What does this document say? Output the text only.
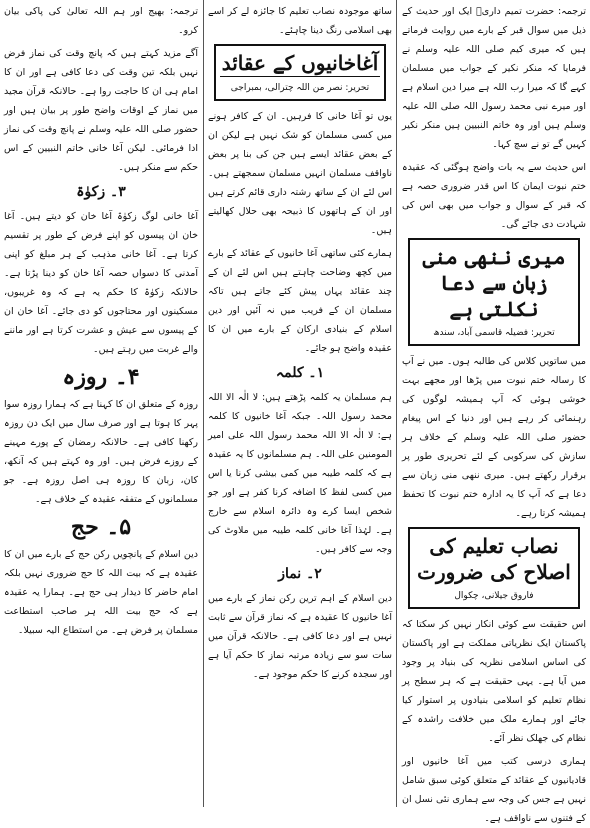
ترجمہ: حضرت تمیم داریؓ ایک اور حدیث کے ذیل میں سوال قبر کے بارے میں روایت فرماتے ہیں کہ میری کیم صلی اللہ علیہ وسلم نے فرمایا کہ منکر نکیر کے جواب میں مسلمان کہے گا کہ میرا رب اللہ ہے میرا دین اسلام ہے اور میرے نبی محمد رسول اللہ صلی اللہ علیہ وسلم ہیں اور وہ خاتم النبیین ہیں منکر نکیر کہیں گے تو نے سچ کہا۔

اس حدیث سے یہ بات واضح ہوگئی کہ عقیدہ ختم نبوت ایمان کا اس قدر ضروری حصہ ہے کہ قبر کے سوال و جواب میں بھی اس کی شہادت دی جائے گی۔

میری ننھی منی زبان سے دعا نکلتی ہے
تحریر: فضیلہ قاسمی آباد، سندھ

میں ساتویں کلاس کی طالبہ ہوں۔ میں نے آپ کا رسالہ ختم نبوت میں پڑھا اور مجھے بہت خوشی ہوئی کہ آپ ہمیشہ لوگوں کی رہنمائی کر رہے ہیں اور دنیا کے اس پیغام حضور صلی اللہ علیہ وسلم کے خلاف ہر سازش کی سرکوبی کے لئے تحریری طور پر برقرار رکھتے ہیں۔ میری ننھی منی زبان سے دعا ہے کہ آپ کا یہ ادارہ ختم نبوت کا تحفظ ہمیشہ کرتا رہے۔

نصاب تعلیم کی اصلاح کی ضرورت
فاروق جیلانی، چکوال

اس حقیقت سے کوئی انکار نہیں کر سکتا کہ پاکستان ایک نظریاتی مملکت ہے اور پاکستان کی اساس اسلامی نظریہ کی بنیاد پر وجود میں آیا ہے۔ یہی حقیقت ہے کہ ہر سطح پر نظام تعلیم کو اسلامی بنیادوں پر استوار کیا جائے اور ہمارے ملک میں خلافت راشدہ کے نظام کی جھلک نظر آئے۔

ہماری درسی کتب میں آغا خانیوں اور قادیانیوں کے عقائد کے متعلق کوئی سبق شامل نہیں ہے جس کی وجہ سے ہماری نئی نسل ان کے فتنوں سے ناواقف ہے۔

ساتھ موجودہ نصاب تعلیم کا جائزہ لے کر اسے بھی اسلامی رنگ دینا چاہئے۔

آغاخانیوں کے عقائد
تحریر: نصر من اللہ چترالی، بمبراجی

یوں تو آغا خانی کا فرہیں۔ ان کے کافر ہونے میں کسی مسلمان کو شک نہیں ہے لیکن ان کے بعض عقائد ایسے ہیں جن کی بنا پر بعض ناواقف مسلمان انہیں مسلمان سمجھتے ہیں۔ اس لئے ان کے ساتھ رشتہ داری قائم کرتے ہیں اور ان کے ہاتھوں کا ذبیحہ بھی حلال کھالیتے ہیں۔

ہمارے کئی ساتھی آغا خانیوں کے عقائد کے بارے میں کچھ وضاحت چاہتے ہیں اس لئے ان کے چند عقائد یہاں پیش کئے جاتے ہیں تاکہ مسلمان ان کے فریب میں نہ آئیں اور دین اسلام کے بنیادی ارکان کے بارے میں ان کا عقیدہ واضح ہو جائے۔

۱۔ کلمہ

ہم مسلمان یہ کلمہ پڑھتے ہیں: لا الٰہ الا اللہ محمد رسول اللہ۔ جبکہ آغا خانیوں کا کلمہ ہے: لا الٰہ الا اللہ محمد رسول اللہ علی امیر المومنین علی اللہ۔ ہم مسلمانوں کا یہ عقیدہ ہے کہ کلمہ طیبہ میں کمی بیشی کرنا یا اس میں کسی لفظ کا اضافہ کرنا کفر ہے اور جو شخص ایسا کرے وہ دائرہ اسلام سے خارج ہے۔ لہٰذا آغا خانی کلمہ طیبہ میں ملاوٹ کی وجہ سے کافر ہیں۔

۲۔ نماز

دین اسلام کے اہم ترین رکن نماز کے بارے میں آغا خانیوں کا عقیدہ ہے کہ نماز قرآن سے ثابت نہیں ہے اور دعا کافی ہے۔ حالانکہ قرآن میں سات سو سے زیادہ مرتبہ نماز کا حکم آیا ہے اور سجدہ کرنے کا حکم موجود ہے۔

ترجمہ: بھیج اور ہم اللہ تعالیٰ کی پاکی بیان کرو۔

آگے مزید کہتے ہیں کہ پانچ وقت کی نماز فرض نہیں بلکہ تین وقت کی دعا کافی ہے اور ان کا امام ہی ان کا حاجت روا ہے۔ حالانکہ قرآن مجید میں نماز کے اوقات واضح طور پر بیان ہیں اور حضور صلی اللہ علیہ وسلم نے پانچ وقت کی نماز ادا فرمائی۔ لیکن آغا خانی خاتم النبیین کے اس حکم سے منکر ہیں۔

۳۔ زکوٰۃ

آغا خانی لوگ زکوٰۃ آغا خان کو دیتے ہیں۔ آغا خان ان پیسوں کو اپنے فرض کے طور پر تقسیم کرتا ہے۔ آغا خانی مذہب کے ہر مبلغ کو اپنی آمدنی کا دسواں حصہ آغا خان کو دینا پڑتا ہے۔ حالانکہ زکوٰۃ کا حکم یہ ہے کہ وہ غریبوں، مسکینوں اور محتاجوں کو دی جائے۔ آغا خان ان کے پیسوں سے عیش و عشرت کرتا ہے اور ماننے والے غربت میں رہتے ہیں۔

۴۔ روزہ

روزہ کے متعلق ان کا کہنا ہے کہ ہمارا روزہ سوا پہر کا ہوتا ہے اور صرف سال میں ایک دن روزہ رکھنا کافی ہے۔ حالانکہ رمضان کے پورے مہینے کے روزے فرض ہیں۔ اور وہ کہتے ہیں کہ آنکھ، کان، زبان کا روزہ ہی اصل روزہ ہے۔ جو مسلمانوں کے متفقہ عقیدہ کے خلاف ہے۔

۵۔ حج

دین اسلام کے پانچویں رکن حج کے بارے میں ان کا عقیدہ ہے کہ بیت اللہ کا حج ضروری نہیں بلکہ امام حاضر کا دیدار ہی حج ہے۔ ہمارا یہ عقیدہ ہے کہ حج بیت اللہ ہر صاحب استطاعت مسلمان پر فرض ہے۔ من استطاع الیہ سبیلا۔
